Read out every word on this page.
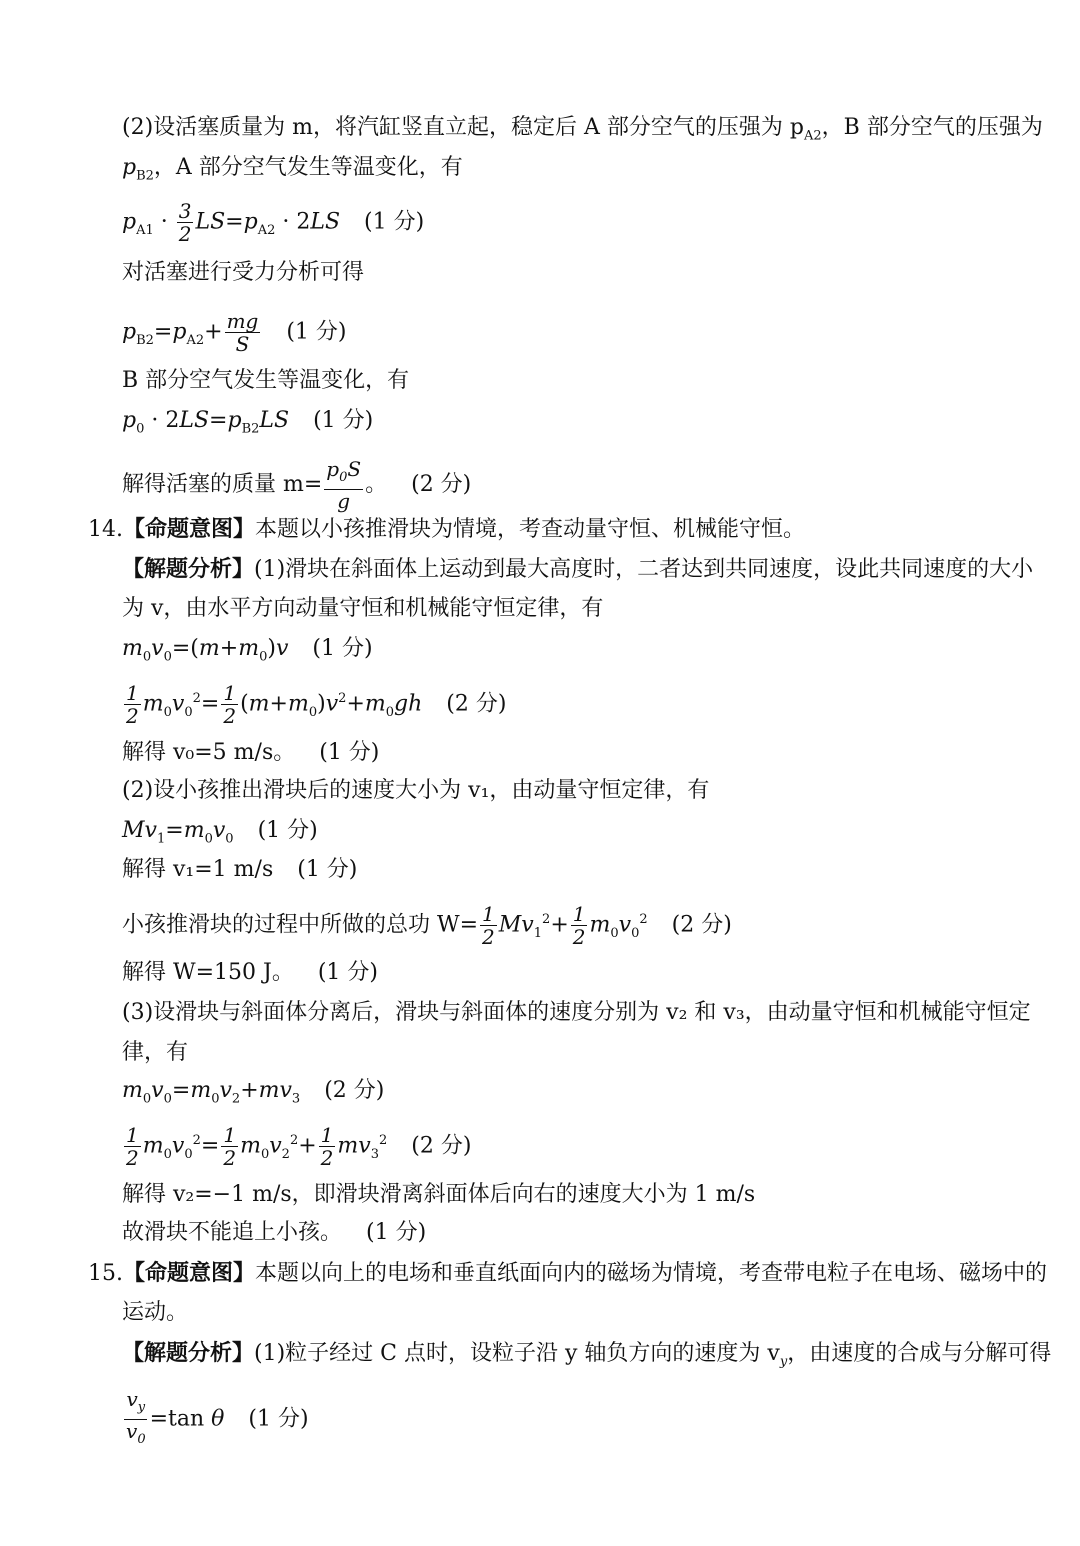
(2)设活塞质量为 m，将汽缸竖直立起，稳定后 A 部分空气的压强为 $p_{A2}$，B 部分空气的压强为
$p_{B2}$，A 部分空气发生等温变化，有
$p_{A1} \cdot \frac{3}{2} LS=p_{A2} \cdot 2LS$ (1 分)
对活塞进行受力分析可得
$p_{B2}=p_{A2}+ \frac{mg}{S} (1$ 分)
B 部分空气发生等温变化，有
$p_0 \cdot 2LS=p_{B2}LS$ (1 分)
解得活塞的质量 $m= \frac{p_0S}{g}$ 。 (2 分)
14.【命题意图】本题以小孩推滑块为情境，考查动量守恒、机械能守恒。
【解题分析】(1)滑块在斜面体上运动到最大高度时，二者达到共同速度，设此共同速度的大小
为 v，由水平方向动量守恒和机械能守恒定律，有
$m_0v_0=(m+m_0)v$ (1 分)
$\frac{1}{2} m_0v_0^2= \frac{1}{2} (m+m_0)v^2+m_0gh$ (2 分)
解得 v₀=5 m/s。 (1 分)
(2)设小孩推出滑块后的速度大小为 v₁，由动量守恒定律，有
$Mv_1=m_0v_0$ (1 分)
解得 v₁=1 m/s (1 分)
小孩推滑块的过程中所做的总功 $W= \frac{1}{2} Mv_1^2+ \frac{1}{2} m_0v_0^2$ (2 分)
解得 W=150 J。 (1 分)
(3)设滑块与斜面体分离后，滑块与斜面体的速度分别为 v₂ 和 v₃，由动量守恒和机械能守恒定
律，有
$m_0v_0=m_0v_2+mv_3$ (2 分)
$\frac{1}{2} m_0v_0^2= \frac{1}{2} m_0v_2^2+ \frac{1}{2} mv_3^2$ (2 分)
解得 v₂=−1 m/s，即滑块滑离斜面体后向右的速度大小为 1 m/s
故滑块不能追上小孩。 (1 分)
15.【命题意图】本题以向上的电场和垂直纸面向内的磁场为情境，考查带电粒子在电场、磁场中的
运动。
【解题分析】(1)粒子经过 C 点时，设粒子沿 y 轴负方向的速度为 $v_y$，由速度的合成与分解可得
$\frac{v_y}{v_0} =\tan$ θ (1 分)
